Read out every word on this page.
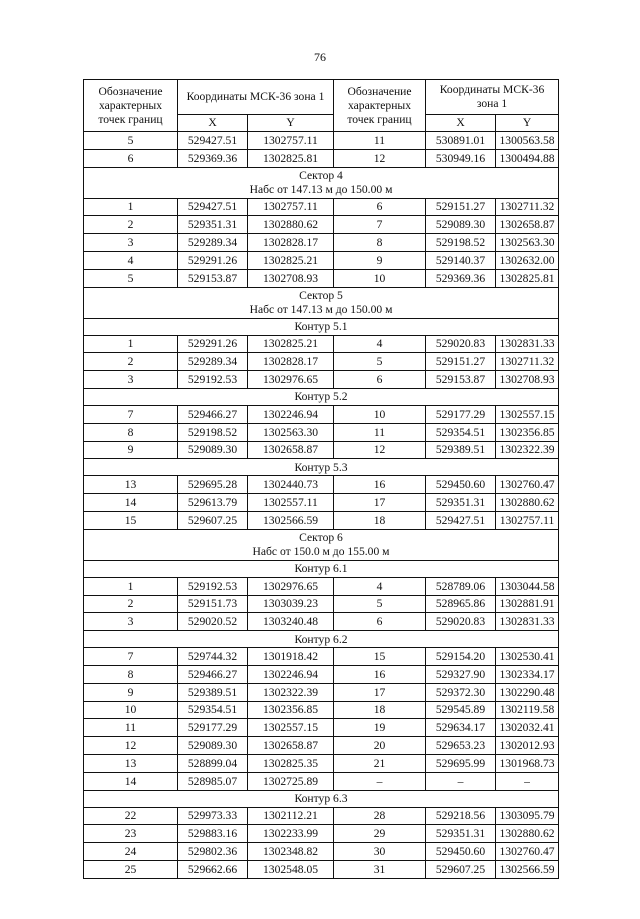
76
Обозначение характерных точек границ	Координаты МСК-36 зона 1		Обозначение характерных точек границ	Координаты МСК-36 зона 1	
	X	Y		X	Y
5	529427.51	1302757.11	11	530891.01	1300563.58
6	529369.36	1302825.81	12	530949.16	1300494.88

Сектор 4
Набс от 147.13 м до 150.00 м					

1	529427.51	1302757.11	6	529151.27	1302711.32
2	529351.31	1302880.62	7	529089.30	1302658.87
3	529289.34	1302828.17	8	529198.52	1302563.30
4	529291.26	1302825.21	9	529140.37	1302632.00
5	529153.87	1302708.93	10	529369.36	1302825.81

Сектор 5
Набс от 147.13 м до 150.00 м					

Контур 5.1					
1	529291.26	1302825.21	4	529020.83	1302831.33
2	529289.34	1302828.17	5	529151.27	1302711.32
3	529192.53	1302976.65	6	529153.87	1302708.93
Контур 5.2					
7	529466.27	1302246.94	10	529177.29	1302557.15
8	529198.52	1302563.30	11	529354.51	1302356.85
9	529089.30	1302658.87	12	529389.51	1302322.39
Контур 5.3					
13	529695.28	1302440.73	16	529450.60	1302760.47
14	529613.79	1302557.11	17	529351.31	1302880.62
15	529607.25	1302566.59	18	529427.51	1302757.11

Сектор 6
Набс от 150.0 м до 155.00 м					

Контур 6.1					
1	529192.53	1302976.65	4	528789.06	1303044.58
2	529151.73	1303039.23	5	528965.86	1302881.91
3	529020.52	1303240.48	6	529020.83	1302831.33
Контур 6.2					
7	529744.32	1301918.42	15	529154.20	1302530.41
8	529466.27	1302246.94	16	529327.90	1302334.17
9	529389.51	1302322.39	17	529372.30	1302290.48
10	529354.51	1302356.85	18	529545.89	1302119.58
11	529177.29	1302557.15	19	529634.17	1302032.41
12	529089.30	1302658.87	20	529653.23	1302012.93
13	528899.04	1302825.35	21	529695.99	1301968.73
14	528985.07	1302725.89	–	–	–
Контур 6.3					
22	529973.33	1302112.21	28	529218.56	1303095.79
23	529883.16	1302233.99	29	529351.31	1302880.62
24	529802.36	1302348.82	30	529450.60	1302760.47
25	529662.66	1302548.05	31	529607.25	1302566.59
